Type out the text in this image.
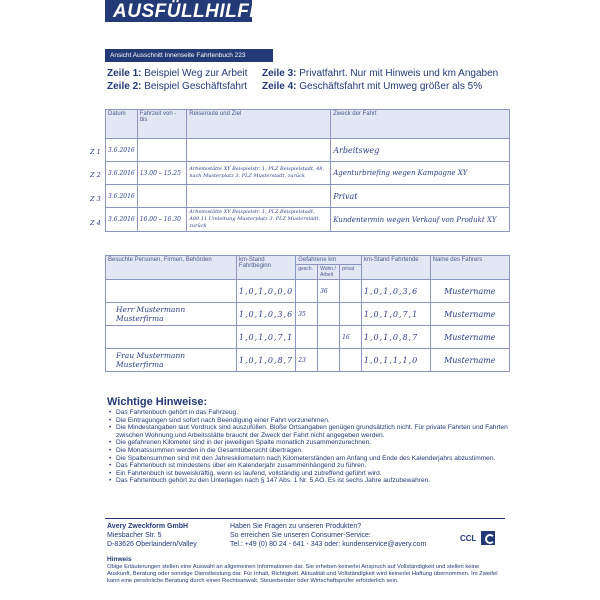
AUSFÜLLHILFE
Ansicht Ausschnitt Innenseite Fahrtenbuch 223
Zeile 1: Beispiel Weg zur Arbeit
Zeile 2: Beispiel Geschäftsfahrt
Zeile 3: Privatfahrt. Nur mit Hinweis und km Angaben
Zeile 4: Geschäftsfahrt mit Umweg größer als 5%
Z 1
Z 2
Z 3
Z 4
Datum	Fahrzeit von - bis	Reiseroute und Ziel	Zweck der Fahrt
3.6.2016			Arbeitsweg
3.6.2016	13.00 – 15.25	Arbeitsstätte XY Beispielstr. 1, PLZ Beispielstadt, 48, nach Musterplatz 3, PLZ Musterstadt, zurück	Agenturbriefing wegen Kampagne XY
3.6.2016			Privat
3.6.2016	16.00 – 16.30	Arbeitsstätte XY Beispielstr. 1, PLZ Beispielstadt, A89.11 Umleitung Musterplatz 3, PLZ Musterstadt, zurück	Kundentermin wegen Verkauf von Produkt XY
Besuchte Personen, Firmen, Behörden	km-Stand Fahrtbeginn	Gefahrene km			km-Stand Fahrtende	Name des Fahrers
		gesch.	Wohn./ Arbeit	privat		
	1,0,1,0,0,0		36		1,0,1,0,3,6	Mustername
Herr Mustermann Musterfirma	1,0,1,0,3,6	35			1,0,1,0,7,1	Mustername
	1,0,1,0,7,1			16	1,0,1,0,8,7	Mustername
Frau Mustermann Musterfirma	1,0,1,0,8,7	23			1,0,1,1,1,0	Mustername
Wichtige Hinweise:
• Das Fahrtenbuch gehört in das Fahrzeug.
• Die Eintragungen sind sofort nach Beendigung einer Fahrt vorzunehmen.
• Die Mindestangaben laut Vordruck sind auszufüllen. Bloße Ortsangaben genügen grundsätzlich nicht. Für private Fahrten und Fahrten zwischen Wohnung und Arbeitsstätte braucht der Zweck der Fahrt nicht angegeben werden.
• Die gefahrenen Kilometer sind in der jeweiligen Spalte monatlich zusammenzurechnen.
• Die Monatssummen werden in die Gesamtübersicht übertragen.
• Die Spaltensummen sind mit den Jahreskilometern nach Kilometerständen am Anfang und Ende des Kalenderjahrs abzustimmen.
• Das Fahrtenbuch ist mindestens über ein Kalenderjahr zusammenhängend zu führen.
• Ein Fahrtenbuch ist beweiskräftig, wenn es laufend, vollständig und zutreffend geführt wird.
• Das Fahrtenbuch gehört zu den Unterlagen nach § 147 Abs. 1 Nr. 5 AO. Es ist sechs Jahre aufzubewahren.
Avery Zweckform GmbH
Miesbacher Str. 5
D-83626 Oberlaindern/Valley
Haben Sie Fragen zu unseren Produkten?
So erreichen Sie unseren Consumer-Service:
Tel.: +49 (0) 80 24 - 641 - 343 oder: kundenservice@avery.com
CCL
Hinweis
Obige Erläuterungen stellen eine Auswahl an allgemeinen Informationen dar. Sie erheben keinerlei Anspruch auf Vollständigkeit und stellen keine Auskunft, Beratung oder sonstige Dienstleistung dar. Für Inhalt, Richtigkeit, Aktualität und Vollständigkeit wird keinerlei Haftung übernommen. Im Zweifel kann eine persönliche Beratung durch einen Rechtsanwalt, Steuerberater oder Wirtschaftsprüfer erforderlich sein.
